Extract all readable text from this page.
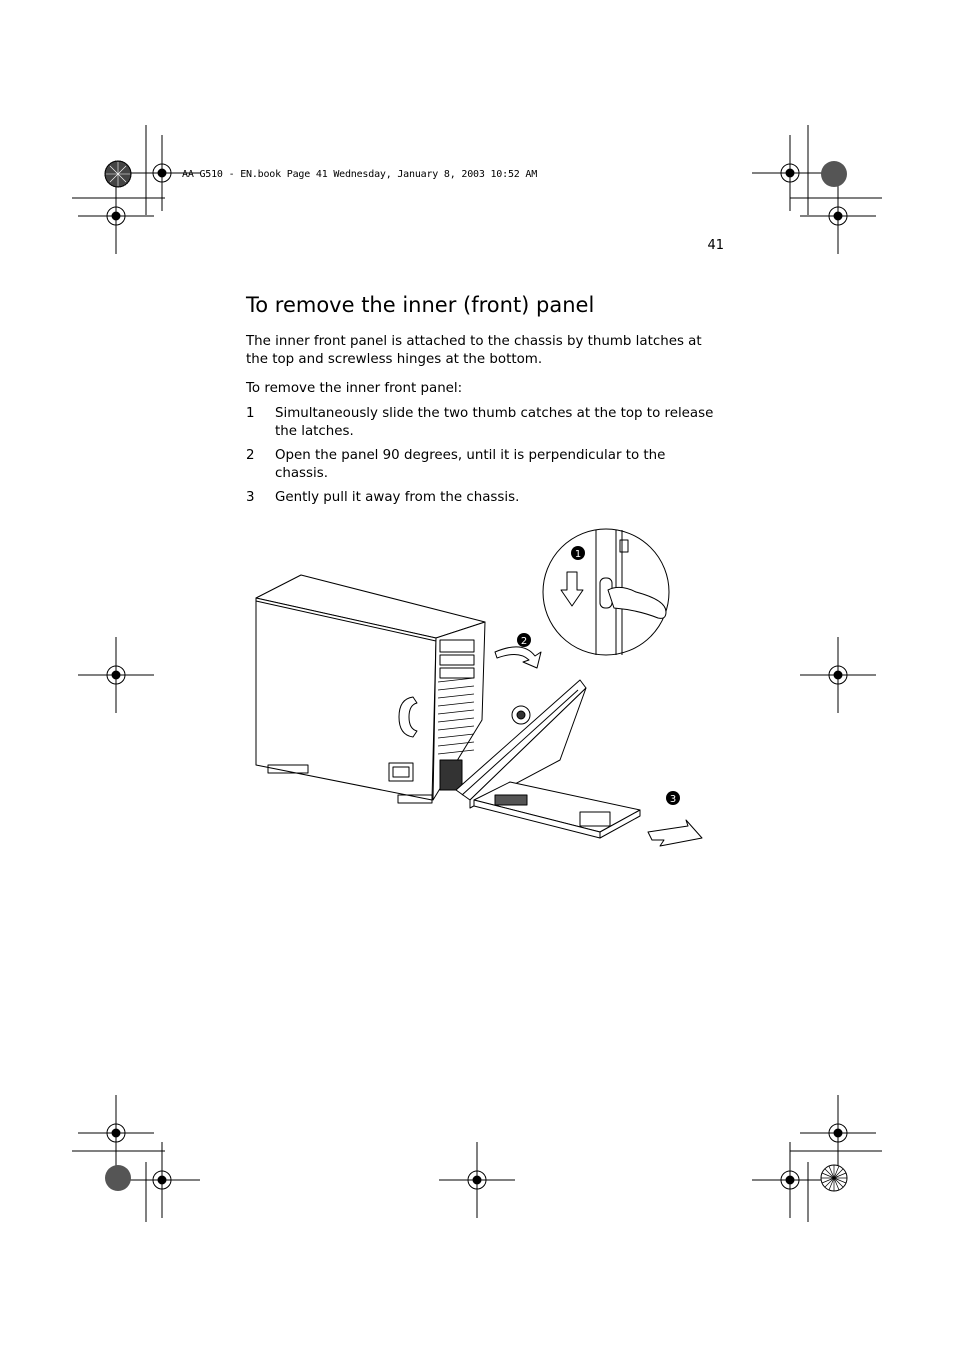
AA G510 - EN.book Page 41 Wednesday, January 8, 2003 10:52 AM
41
To remove the inner (front) panel
The inner front panel is attached to the chassis by thumb latches at the top and screwless hinges at the bottom.
To remove the inner front panel:
1 Simultaneously slide the two thumb catches at the top to release the latches.
2 Open the panel 90 degrees, until it is perpendicular to the chassis.
3 Gently pull it away from the chassis.
1
2
3
